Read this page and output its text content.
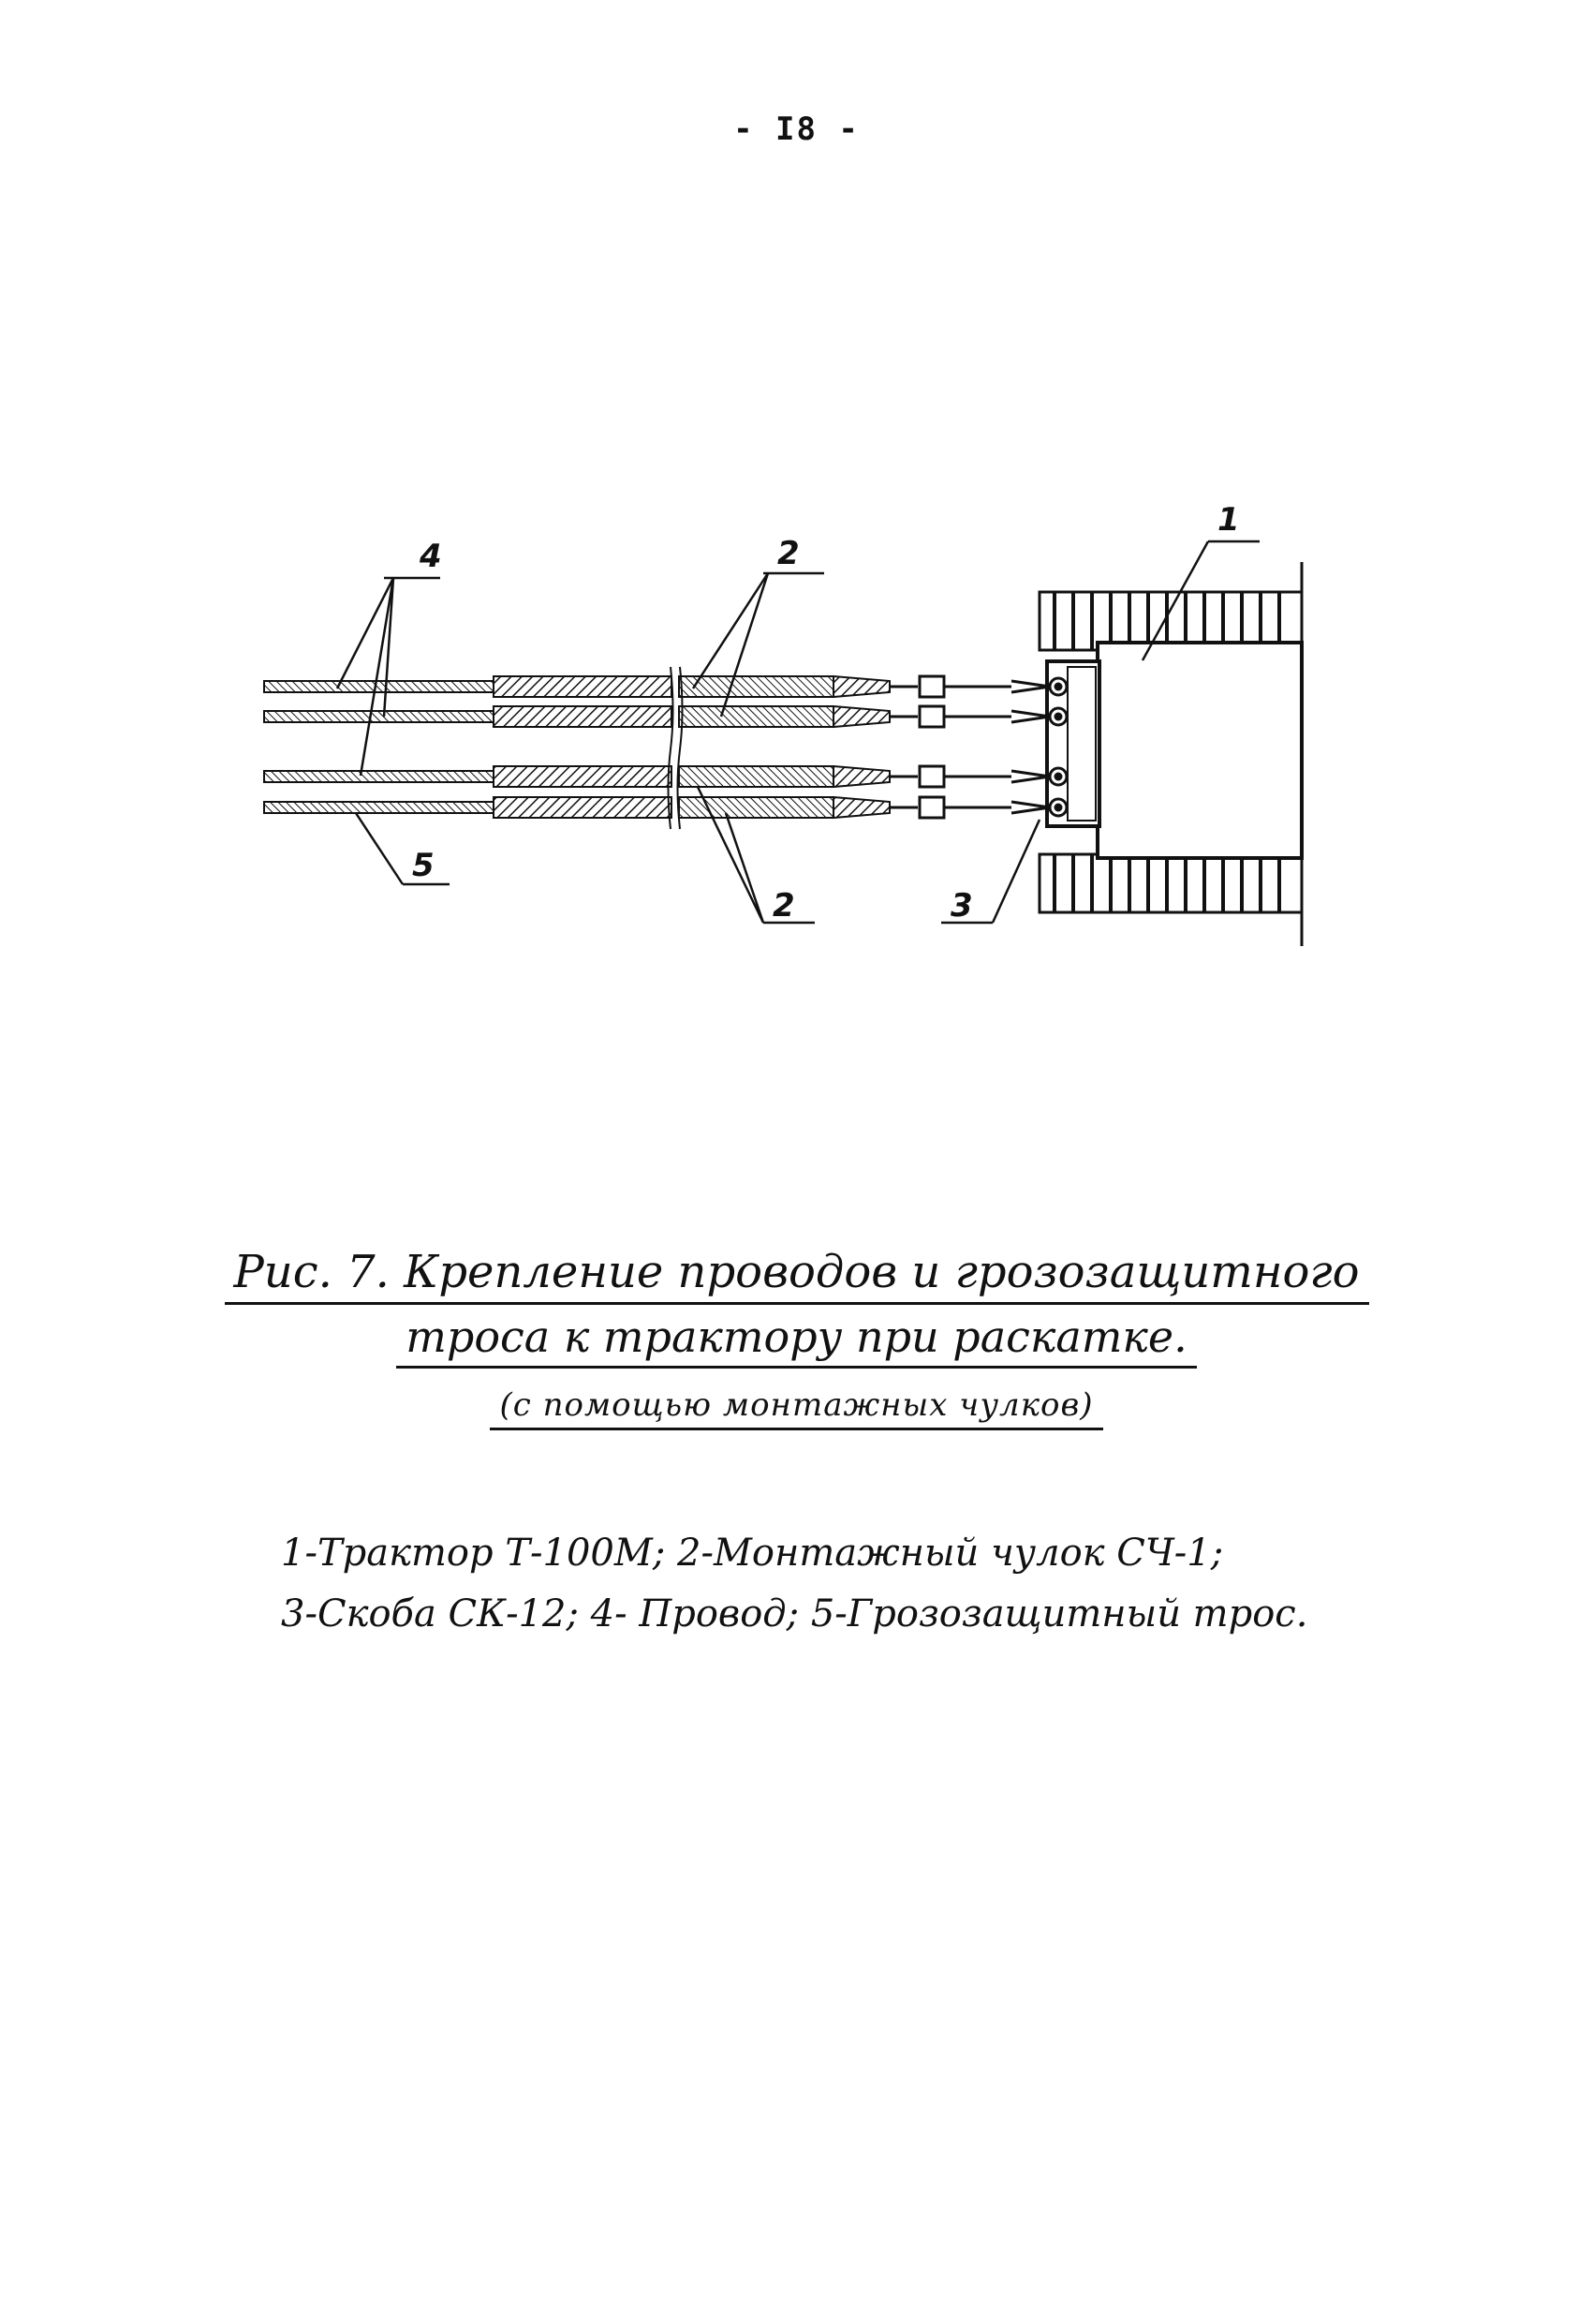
- I8 -
1
2
2	3
4
5
Рис. 7. Крепление проводов и грозозащитного
троса к трактору при раскатке.
(с помощью монтажных чулков)
1-Трактор Т-100М; 2-Монтажный чулок СЧ-1;
3-Скоба СК-12; 4- Провод; 5-Грозозащитный трос.
